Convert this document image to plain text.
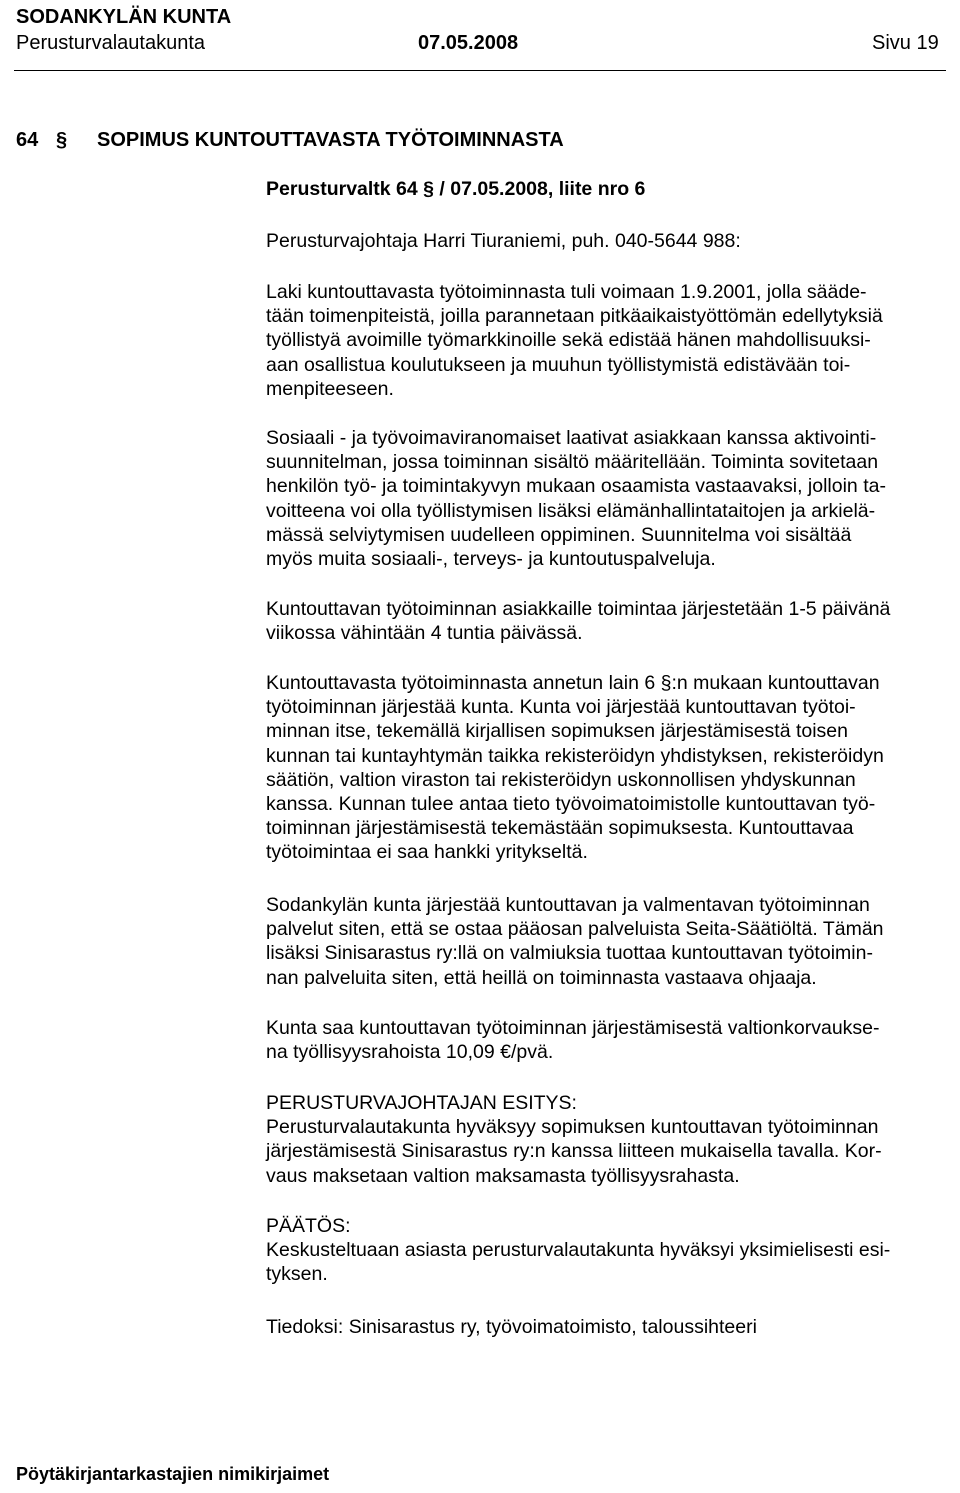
SODANKYLÄN KUNTA
Perusturvalautakunta	07.05.2008	Sivu 19
64 § SOPIMUS KUNTOUTTAVASTA TYÖTOIMINNASTA

Perusturvaltk 64 § / 07.05.2008, liite nro 6

Perusturvajohtaja Harri Tiuraniemi, puh. 040-5644 988:

Laki kuntouttavasta työtoiminnasta tuli voimaan 1.9.2001, jolla sääde-

tään toimenpiteistä, joilla parannetaan pitkäaikaistyöttömän edellytyksiä

työllistyä avoimille työmarkkinoille sekä edistää hänen mahdollisuuksi-

aan osallistua koulutukseen ja muuhun työllistymistä edistävään toi-

menpiteeseen.

Sosiaali - ja työvoimaviranomaiset laativat asiakkaan kanssa aktivointi-

suunnitelman, jossa toiminnan sisältö määritellään. Toiminta sovitetaan

henkilön työ- ja toimintakyvyn mukaan osaamista vastaavaksi, jolloin ta-

voitteena voi olla työllistymisen lisäksi elämänhallintataitojen ja arkielä-

mässä selviytymisen uudelleen oppiminen. Suunnitelma voi sisältää

myös muita sosiaali-, terveys- ja kuntoutuspalveluja.

Kuntouttavan työtoiminnan asiakkaille toimintaa järjestetään 1-5 päivänä

viikossa vähintään 4 tuntia päivässä.

Kuntouttavasta työtoiminnasta annetun lain 6 §:n mukaan kuntouttavan

työtoiminnan järjestää kunta. Kunta voi järjestää kuntouttavan työtoi-

minnan itse, tekemällä kirjallisen sopimuksen järjestämisestä toisen

kunnan tai kuntayhtymän taikka rekisteröidyn yhdistyksen, rekisteröidyn

säätiön, valtion viraston tai rekisteröidyn uskonnollisen yhdyskunnan

kanssa. Kunnan tulee antaa tieto työvoimatoimistolle kuntouttavan työ-

toiminnan järjestämisestä tekemästään sopimuksesta. Kuntouttavaa

työtoimintaa ei saa hankki yritykseltä.

Sodankylän kunta järjestää kuntouttavan ja valmentavan työtoiminnan

palvelut siten, että se ostaa pääosan palveluista Seita-Säätiöltä. Tämän

lisäksi Sinisarastus ry:llä on valmiuksia tuottaa kuntouttavan työtoimin-

nan palveluita siten, että heillä on toiminnasta vastaava ohjaaja.

Kunta saa kuntouttavan työtoiminnan järjestämisestä valtionkorvaukse-

na työllisyysrahoista 10,09 €/pvä.

PERUSTURVAJOHTAJAN ESITYS:

Perusturvalautakunta hyväksyy sopimuksen kuntouttavan työtoiminnan

järjestämisestä Sinisarastus ry:n kanssa liitteen mukaisella tavalla. Kor-

vaus maksetaan valtion maksamasta työllisyysrahasta.

PÄÄTÖS:

Keskusteltuaan asiasta perusturvalautakunta hyväksyi yksimielisesti esi-

tyksen.

Tiedoksi: Sinisarastus ry, työvoimatoimisto, taloussihteeri

Pöytäkirjantarkastajien nimikirjaimet
